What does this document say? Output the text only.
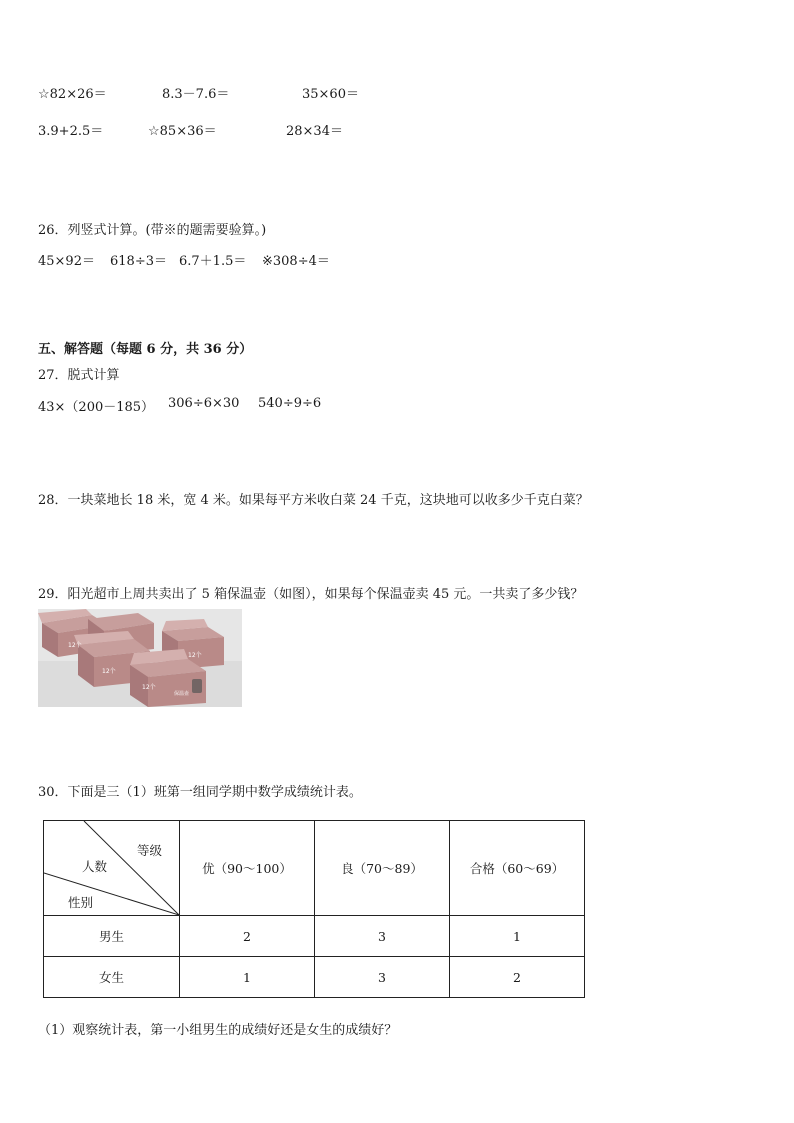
☆82×26＝	8.3－7.6＝	35×60＝
3.9+2.5＝	☆85×36＝	28×34＝
26．列竖式计算。(带※的题需要验算。)
45×92＝ 618÷3＝ 6.7＋1.5＝ ※308÷4＝
五、解答题（每题 6 分，共 36 分）
27．脱式计算
43×（200－185） 306÷6×30 540÷9÷6
28．一块菜地长 18 米，宽 4 米。如果每平方米收白菜 24 千克，这块地可以收多少千克白菜？
29．阳光超市上周共卖出了 5 箱保温壶（如图），如果每个保温壶卖 45 元。一共卖了多少钱？
12个
12个
12个
12个
保温壶
30．下面是三（1）班第一组同学期中数学成绩统计表。
等级
人数
性别	优（90～100）	良（70～89）	合格（60～69）
男生	2	3	1
女生	1	3	2
（1）观察统计表，第一小组男生的成绩好还是女生的成绩好？
